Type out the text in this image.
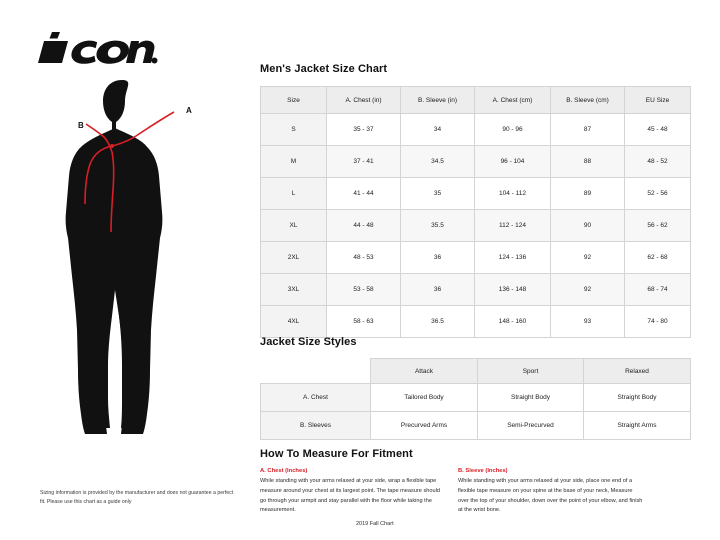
A
B
Sizing information is provided by the manufacturer and does not guarantee a perfect fit. Please use this chart as a guide only
Men's Jacket Size Chart
Size	A. Chest (in)	B. Sleeve (in)	A. Chest (cm)	B. Sleeve (cm)	EU Size
S	35 - 37	34	90 - 96	87	45 - 48
M	37 - 41	34.5	96 - 104	88	48 - 52
L	41 - 44	35	104 - 112	89	52 - 56
XL	44 - 48	35.5	112 - 124	90	56 - 62
2XL	48 - 53	36	124 - 136	92	62 - 68
3XL	53 - 58	36	136 - 148	92	68 - 74
4XL	58 - 63	36.5	148 - 160	93	74 - 80
Jacket Size Styles
	Attack	Sport	Relaxed
A. Chest	Tailored Body	Straight Body	Straight Body
B. Sleeves	Precurved Arms	Semi-Precurved	Straight Arms
How To Measure For Fitment
A. Chest (Inches)
While standing with your arms relaxed at your side, wrap a flexible tape measure around your chest at its largest point. The tape measure should go through your armpit and stay parallel with the floor while taking the measurement.
B. Sleeve (Inches)
While standing with your arms relaxed at your side, place one end of a flexible tape measure on your spine at the base of your neck, Measure over the top of your shoulder, down over the point of your elbow, and finish at the wrist bone.
2019 Fall Chart
